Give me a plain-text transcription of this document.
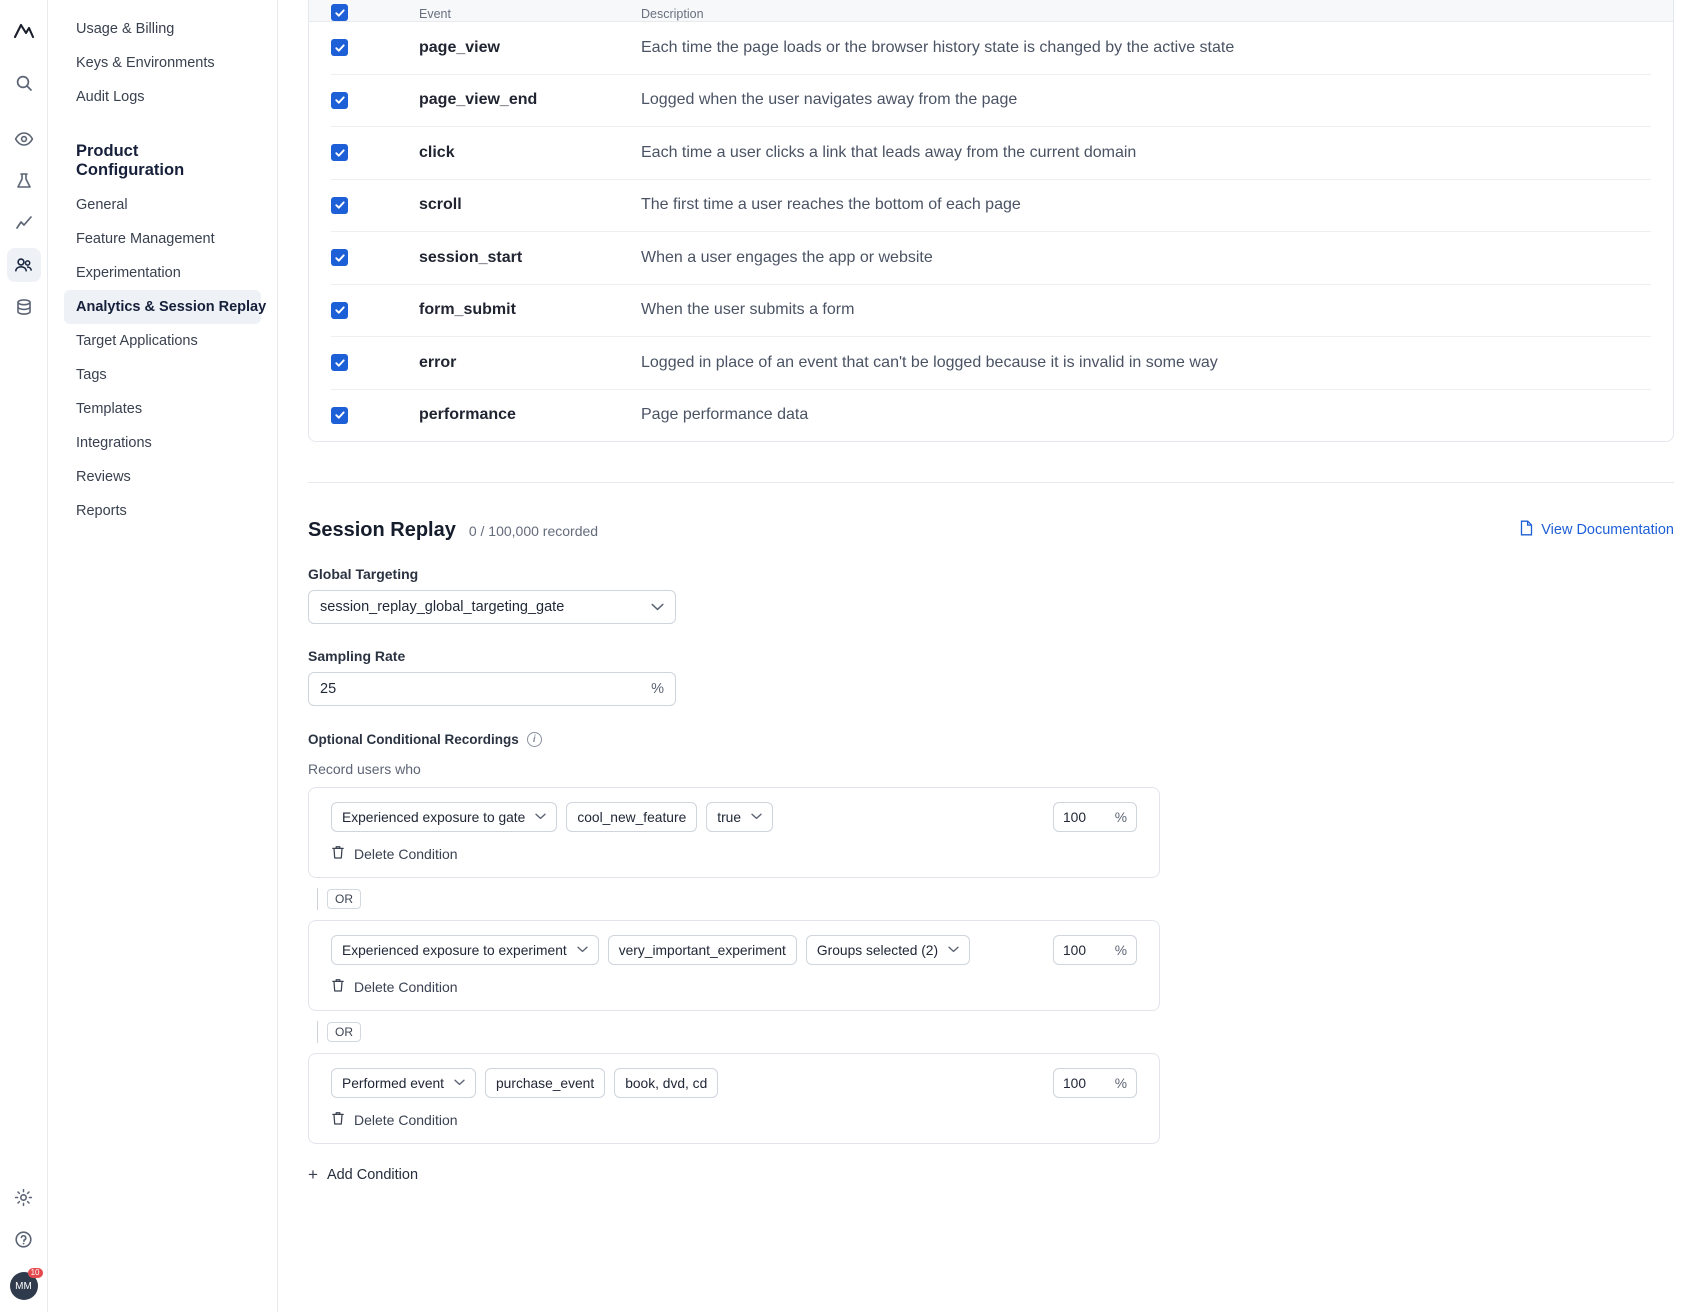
MM
10
Usage & Billing
Keys & Environments
Audit Logs
Product Configuration
General
Feature Management
Experimentation
Analytics & Session Replay
Target Applications
Tags
Templates
Integrations
Reviews
Reports
Event	Description
page_view	Each time the page loads or the browser history state is changed by the active state
page_view_end	Logged when the user navigates away from the page
click	Each time a user clicks a link that leads away from the current domain
scroll	The first time a user reaches the bottom of each page
session_start	When a user engages the app or website
form_submit	When the user submits a form
error	Logged in place of an event that can't be logged because it is invalid in some way
performance	Page performance data
Session Replay 0 / 100,000 recorded	View Documentation
Global Targeting
session_replay_global_targeting_gate
Sampling Rate
25	%
Optional Conditional Recordings	i
Record users who
Experienced exposure to gate	cool_new_feature true	100 %
Delete Condition
OR
Experienced exposure to experiment	very_important_experiment Groups selected (2)	100 %
Delete Condition
OR
Performed event	purchase_event book, dvd, cd	100 %
Delete Condition
+ Add Condition
